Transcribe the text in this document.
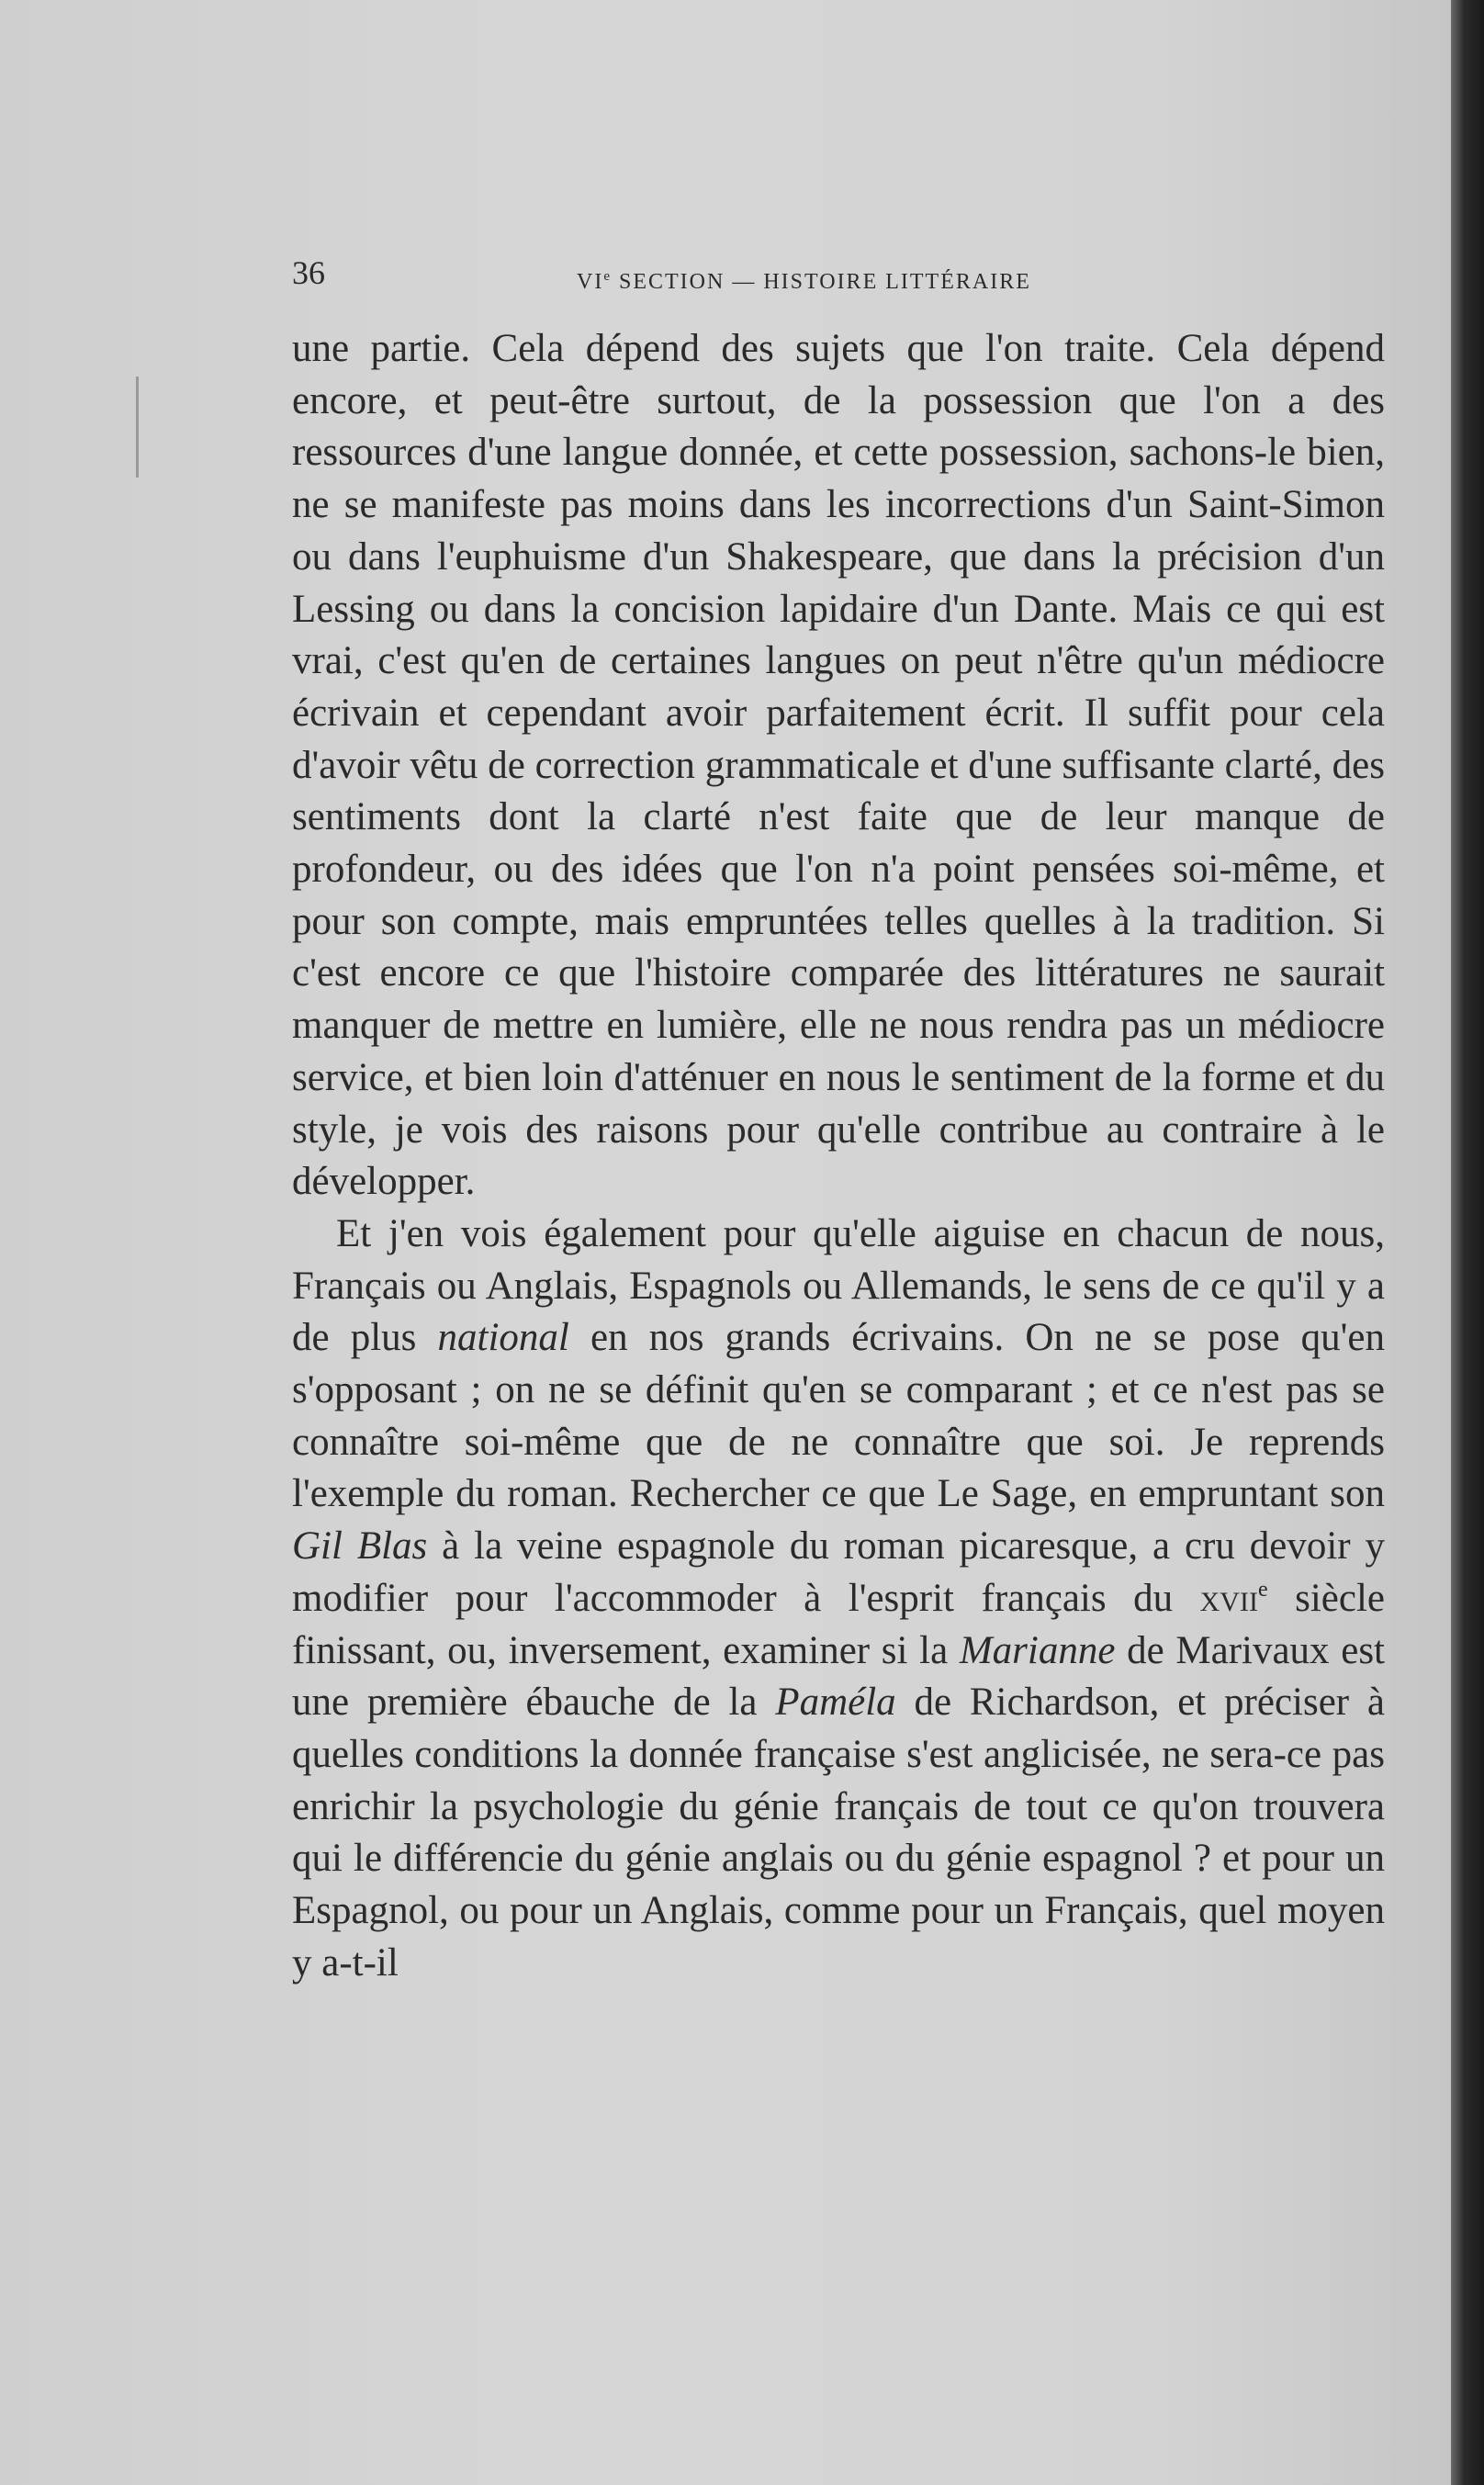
36	VIe SECTION — HISTOIRE LITTÉRAIRE

une partie. Cela dépend des sujets que l'on traite. Cela dépend encore, et peut-être surtout, de la possession que l'on a des ressources d'une langue donnée, et cette possession, sachons-le bien, ne se manifeste pas moins dans les incorrections d'un Saint-Simon ou dans l'euphuisme d'un Shakespeare, que dans la précision d'un Lessing ou dans la concision lapidaire d'un Dante. Mais ce qui est vrai, c'est qu'en de certaines langues on peut n'être qu'un médiocre écrivain et cependant avoir parfaitement écrit. Il suffit pour cela d'avoir vêtu de correction grammaticale et d'une suffisante clarté, des sentiments dont la clarté n'est faite que de leur manque de profondeur, ou des idées que l'on n'a point pensées soi-même, et pour son compte, mais empruntées telles quelles à la tradition. Si c'est encore ce que l'histoire comparée des littératures ne saurait manquer de mettre en lumière, elle ne nous rendra pas un médiocre service, et bien loin d'atténuer en nous le sentiment de la forme et du style, je vois des raisons pour qu'elle contribue au contraire à le développer.

Et j'en vois également pour qu'elle aiguise en chacun de nous, Français ou Anglais, Espagnols ou Allemands, le sens de ce qu'il y a de plus national en nos grands écrivains. On ne se pose qu'en s'opposant ; on ne se définit qu'en se comparant ; et ce n'est pas se connaître soi-même que de ne connaître que soi. Je reprends l'exemple du roman. Rechercher ce que Le Sage, en empruntant son Gil Blas à la veine espagnole du roman picaresque, a cru devoir y modifier pour l'accommoder à l'esprit français du xvii$^e$ siècle finissant, ou, inversement, examiner si la Marianne de Marivaux est une première ébauche de la Paméla de Richardson, et préciser à quelles conditions la donnée française s'est anglicisée, ne sera-ce pas enrichir la psychologie du génie français de tout ce qu'on trouvera qui le différencie du génie anglais ou du génie espagnol ? et pour un Espagnol, ou pour un Anglais, comme pour un Français, quel moyen y a-t-il
